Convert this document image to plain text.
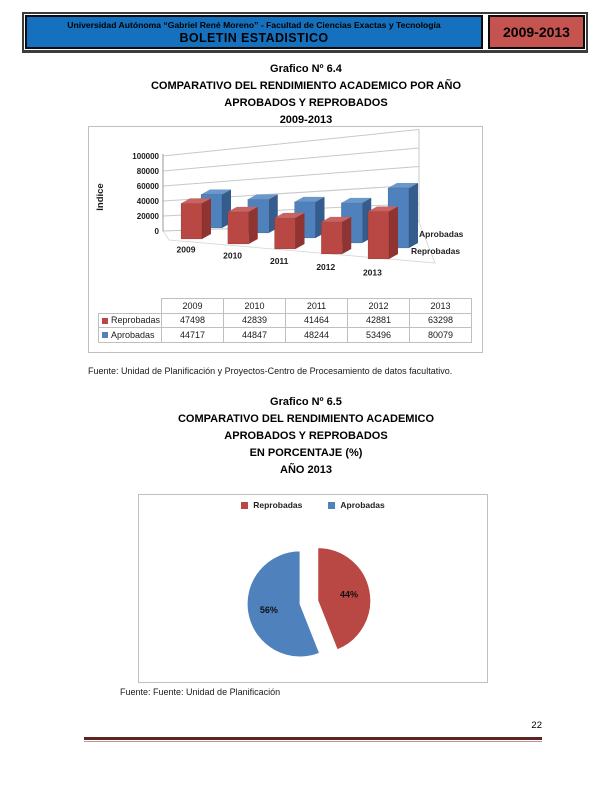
Universidad Autónoma “Gabriel René Moreno” - Facultad de Ciencias Exactas y Tecnología
BOLETIN ESTADISTICO	2009-2013
Grafico Nº 6.4
COMPARATIVO DEL RENDIMIENTO ACADEMICO POR AÑO
APROBADOS Y REPROBADOS
2009-2013
0
20000
40000
60000
80000
100000
Indice
2009
2010
2011
2012
2013
Aprobadas
Reprobadas
	2009	2010	2011	2012	2013
Reprobadas	47498	42839	41464	42881	63298
Aprobadas	44717	44847	48244	53496	80079
Fuente: Unidad de Planificación y Proyectos-Centro de Procesamiento de datos facultativo.
Grafico Nº 6.5
COMPARATIVO DEL RENDIMIENTO ACADEMICO
APROBADOS Y REPROBADOS
EN PORCENTAJE (%)
AÑO 2013
Reprobadas	Aprobadas
44%
56%
Fuente: Fuente: Unidad de Planificación
22
